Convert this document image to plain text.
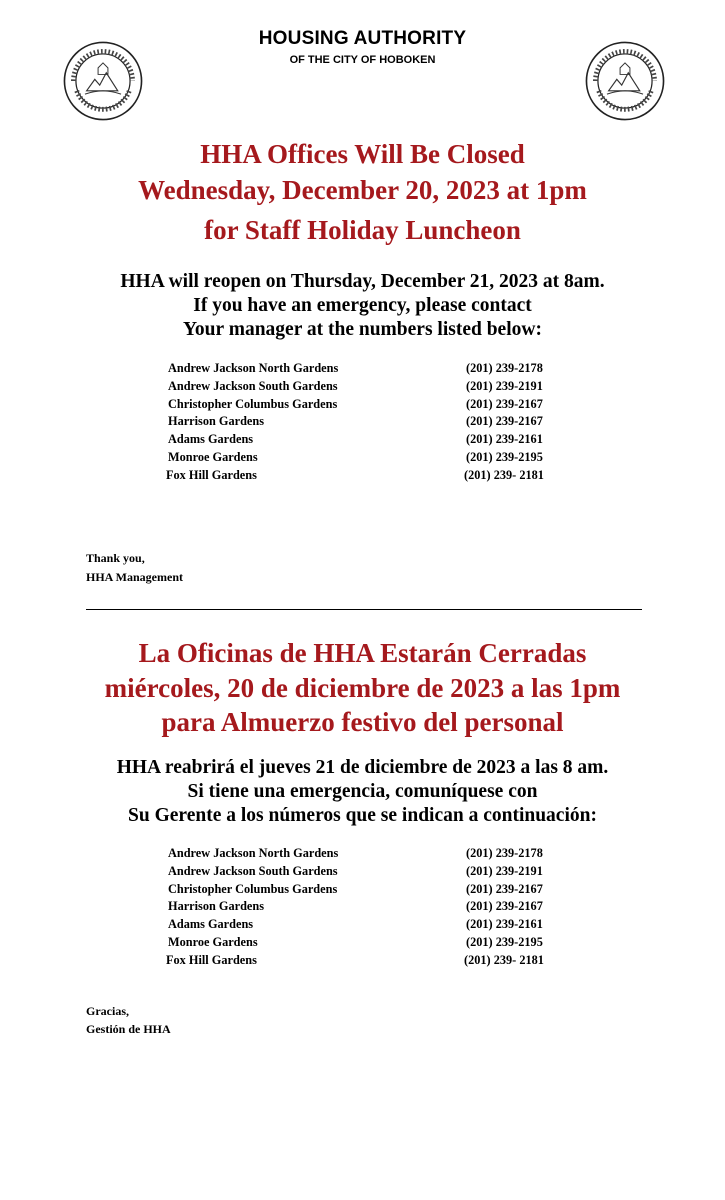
HOUSING AUTHORITY
OF THE CITY OF HOBOKEN
HHA Offices Will Be Closed
Wednesday, December 20, 2023 at 1pm
for Staff Holiday Luncheon
HHA will reopen on Thursday, December 21, 2023 at 8am.
If you have an emergency, please contact
Your manager at the numbers listed below:
Andrew Jackson North Gardens	(201) 239-2178
Andrew Jackson South Gardens	(201) 239-2191
Christopher Columbus Gardens	(201) 239-2167
Harrison Gardens	(201) 239-2167
Adams Gardens	(201) 239-2161
Monroe Gardens	(201) 239-2195
Fox Hill Gardens	(201) 239- 2181
Thank you,
HHA Management
La Oficinas de HHA Estarán Cerradas
miércoles, 20 de diciembre de 2023 a las 1pm
para Almuerzo festivo del personal
HHA reabrirá el jueves 21 de diciembre de 2023 a las 8 am.
Si tiene una emergencia, comuníquese con
Su Gerente a los números que se indican a continuación:
Andrew Jackson North Gardens	(201) 239-2178
Andrew Jackson South Gardens	(201) 239-2191
Christopher Columbus Gardens	(201) 239-2167
Harrison Gardens	(201) 239-2167
Adams Gardens	(201) 239-2161
Monroe Gardens	(201) 239-2195
Fox Hill Gardens	(201) 239- 2181
Gracias,
Gestión de HHA
